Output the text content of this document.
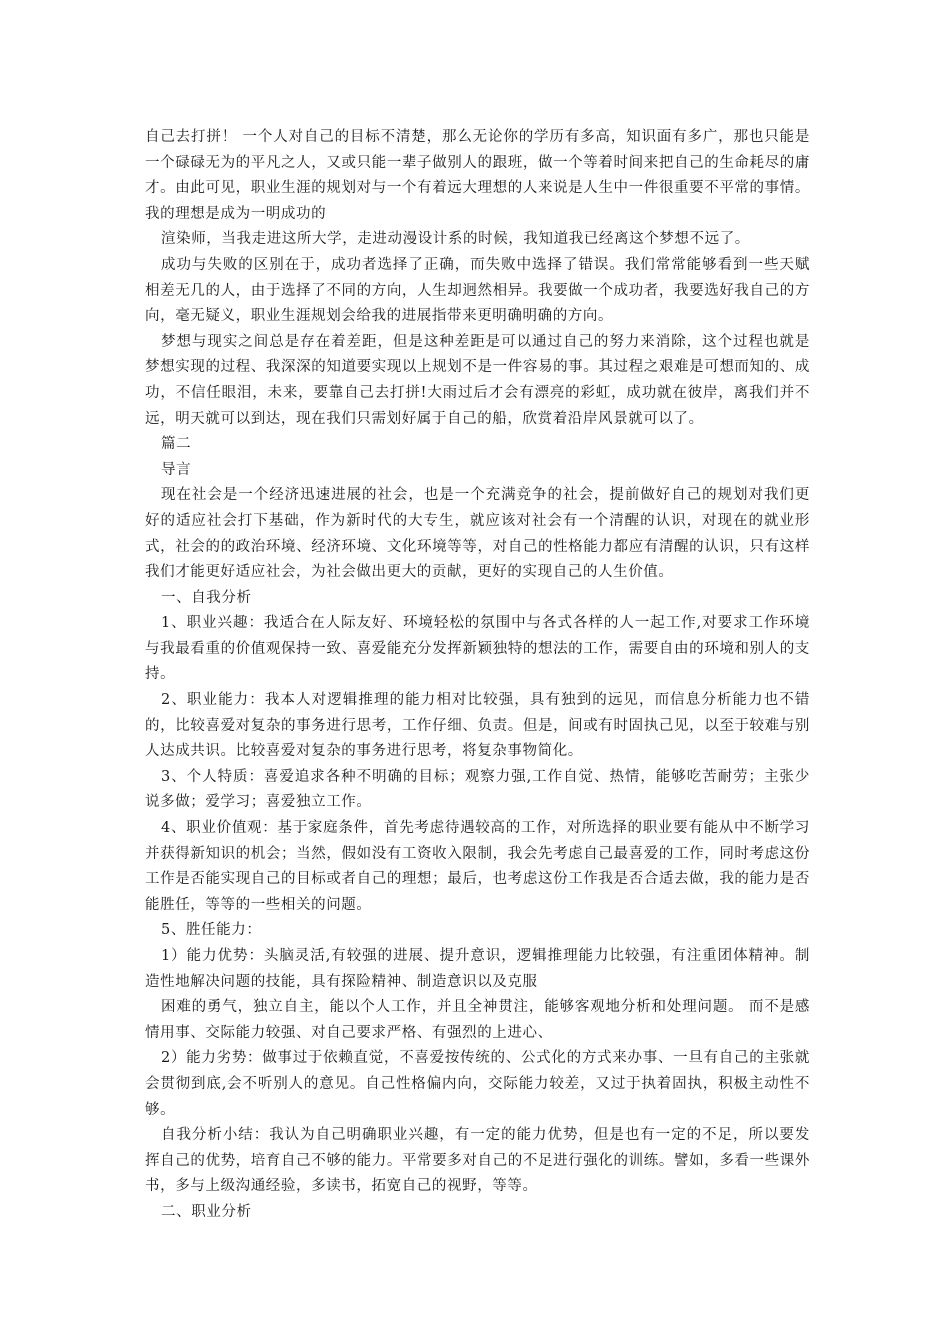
自己去打拼！ 一个人对自己的目标不清楚，那么无论你的学历有多高，知识面有多广，那也只能是一个碌碌无为的平凡之人，又或只能一辈子做别人的跟班，做一个等着时间来把自己的生命耗尽的庸才。由此可见，职业生涯的规划对与一个有着远大理想的人来说是人生中一件很重要不平常的事情。我的理想是成为一明成功的

渲染师，当我走进这所大学，走进动漫设计系的时候，我知道我已经离这个梦想不远了。

成功与失败的区别在于，成功者选择了正确，而失败中选择了错误。我们常常能够看到一些天赋相差无几的人，由于选择了不同的方向，人生却迥然相异。我要做一个成功者，我要选好我自己的方向，毫无疑义，职业生涯规划会给我的进展指带来更明确明确的方向。

梦想与现实之间总是存在着差距，但是这种差距是可以通过自己的努力来消除，这个过程也就是梦想实现的过程、我深深的知道要实现以上规划不是一件容易的事。其过程之艰难是可想而知的、成功，不信任眼泪，未来，要靠自己去打拼!大雨过后才会有漂亮的彩虹，成功就在彼岸，离我们并不远，明天就可以到达，现在我们只需划好属于自己的船，欣赏着沿岸风景就可以了。

篇二

导言

现在社会是一个经济迅速进展的社会，也是一个充满竞争的社会，提前做好自己的规划对我们更好的适应社会打下基础，作为新时代的大专生，就应该对社会有一个清醒的认识，对现在的就业形式，社会的的政治环境、经济环境、文化环境等等，对自己的性格能力都应有清醒的认识，只有这样我们才能更好适应社会，为社会做出更大的贡献，更好的实现自己的人生价值。

一、自我分析

1、职业兴趣：我适合在人际友好、环境轻松的氛围中与各式各样的人一起工作,对要求工作环境与我最看重的价值观保持一致、喜爱能充分发挥新颖独特的想法的工作，需要自由的环境和别人的支持。

2、职业能力：我本人对逻辑推理的能力相对比较强，具有独到的远见，而信息分析能力也不错的，比较喜爱对复杂的事务进行思考，工作仔细、负责。但是，间或有时固执己见，以至于较难与别人达成共识。比较喜爱对复杂的事务进行思考，将复杂事物简化。

3、个人特质：喜爱追求各种不明确的目标；观察力强,工作自觉、热情，能够吃苦耐劳；主张少说多做；爱学习；喜爱独立工作。

4、职业价值观：基于家庭条件，首先考虑待遇较高的工作，对所选择的职业要有能从中不断学习并获得新知识的机会；当然，假如没有工资收入限制，我会先考虑自己最喜爱的工作，同时考虑这份工作是否能实现自己的目标或者自己的理想；最后，也考虑这份工作我是否合适去做，我的能力是否能胜任，等等的一些相关的问题。

5、胜任能力：

1）能力优势：头脑灵活,有较强的进展、提升意识，逻辑推理能力比较强，有注重团体精神。制造性地解决问题的技能，具有探险精神、制造意识以及克服

困难的勇气，独立自主，能以个人工作，并且全神贯注，能够客观地分析和处理问题。 而不是感情用事、交际能力较强、对自己要求严格、有强烈的上进心、

2）能力劣势：做事过于依赖直觉，不喜爱按传统的、公式化的方式来办事、一旦有自己的主张就会贯彻到底,会不听别人的意见。自己性格偏内向，交际能力较差，又过于执着固执，积极主动性不够。

自我分析小结：我认为自己明确职业兴趣，有一定的能力优势，但是也有一定的不足，所以要发挥自己的优势，培育自己不够的能力。平常要多对自己的不足进行强化的训练。譬如，多看一些课外书，多与上级沟通经验，多读书，拓宽自己的视野，等等。

二、职业分析
